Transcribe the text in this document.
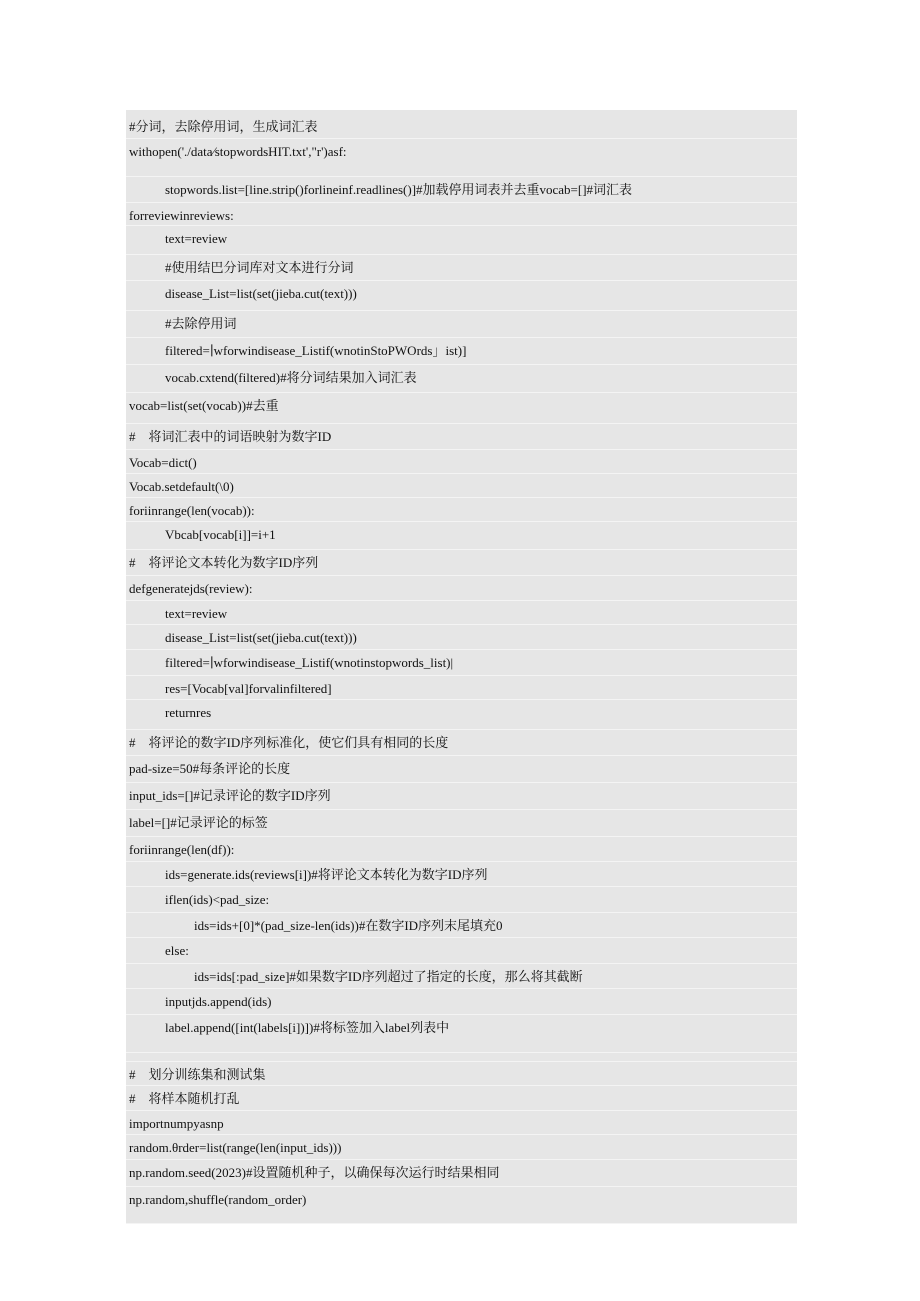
#分词，去除停用词，生成词汇表
withopen('./data⁄stopwordsHIT.txt',"r')asf:
stopwords.list=[line.strip()forlineinf.readlines()]#加载停用词表并去重vocab=[]#词汇表
forreviewinreviews:
text=review
#使用结巴分词库对文本进行分词
disease_List=list(set(jieba.cut(text)))
#去除停用词
filtered=∣wforwindisease_Listif(wnotinStoPWOrds」ist)]
vocab.cxtend(filtered)#将分词结果加入词汇表
vocab=list(set(vocab))#去重
#　将词汇表中的词语映射为数字ID
Vocab=dict()
Vocab.setdefault(\0)
foriinrange(len(vocab)):
Vbcab[vocab[i]]=i+1
#　将评论文本转化为数字ID序列
defgeneratejds(review):
text=review
disease_List=list(set(jieba.cut(text)))
filtered=∣wforwindisease_Listif(wnotinstopwords_list)|
res=[Vocab[val]forvalinfiltered]
returnres
#　将评论的数字ID序列标准化，使它们具有相同的长度
pad-size=50#每条评论的长度
input_ids=[]#记录评论的数字ID序列
label=[]#记录评论的标签
foriinrange(len(df)):
ids=generate.ids(reviews[i])#将评论文本转化为数字ID序列
iflen(ids)<pad_size:
ids=ids+[0]*(pad_size-len(ids))#在数字ID序列末尾填充0
else:
ids=ids[:pad_size]#如果数字ID序列超过了指定的长度，那么将其截断
inputjds.append(ids)
label.append([int(labels[i])])#将标签加入label列表中
#　划分训练集和测试集
#　将样本随机打乱
importnumpyasnp
random.θrder=list(range(len(input_ids)))
np.random.seed(2023)#设置随机种子，以确保每次运行时结果相同
np.random,shuffle(random_order)
